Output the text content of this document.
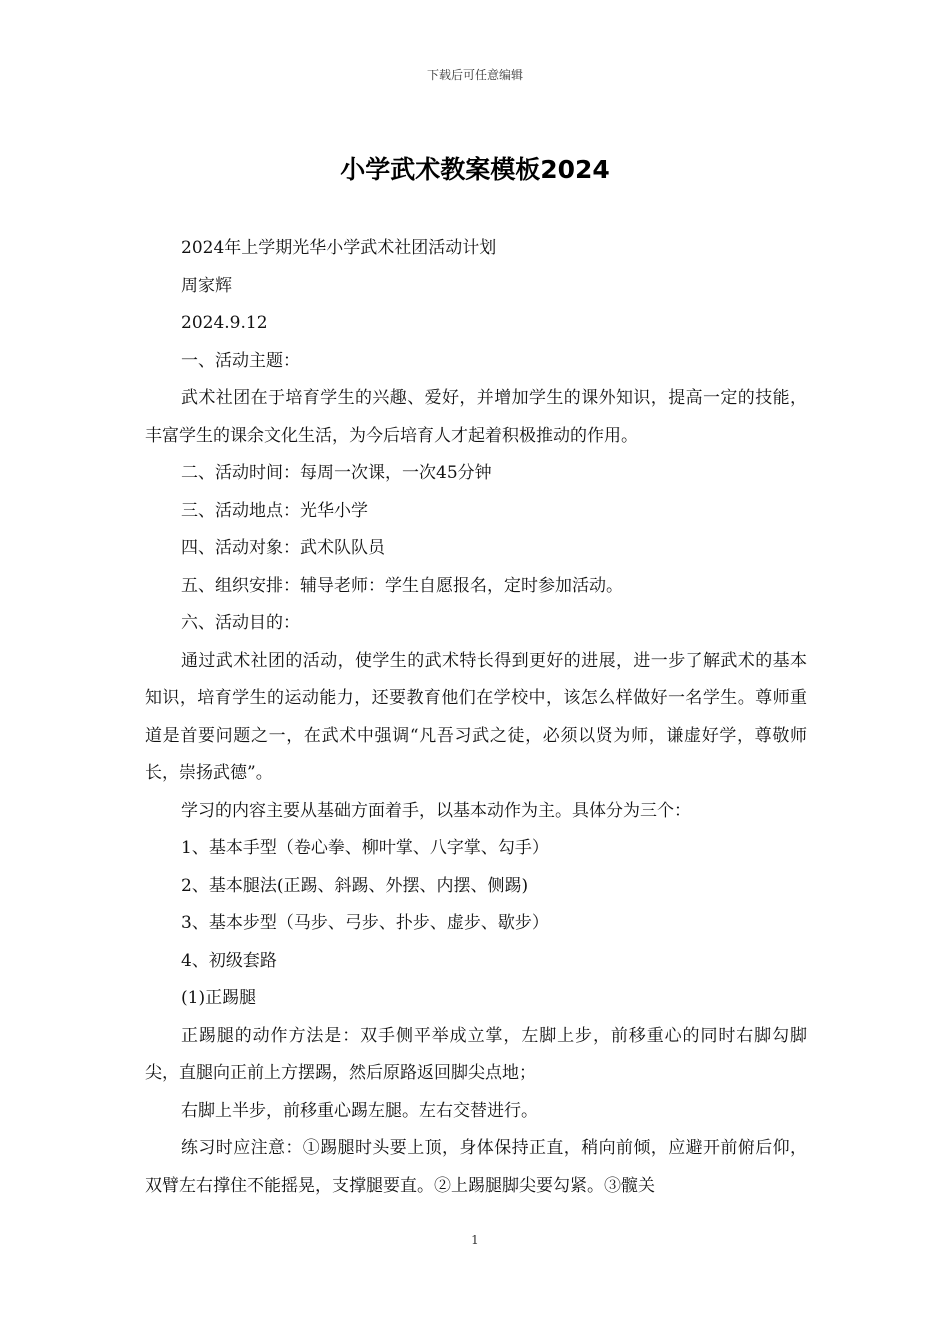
下载后可任意编辑
小学武术教案模板2024

2024年上学期光华小学武术社团活动计划

周家辉

2024.9.12

一、活动主题：

武术社团在于培育学生的兴趣、爱好，并增加学生的课外知识，提高一定的技能，丰富学生的课余文化生活，为今后培育人才起着积极推动的作用。

二、活动时间：每周一次课，一次45分钟

三、活动地点：光华小学

四、活动对象：武术队队员

五、组织安排：辅导老师：学生自愿报名，定时参加活动。

六、活动目的：

通过武术社团的活动，使学生的武术特长得到更好的进展，进一步了解武术的基本知识，培育学生的运动能力，还要教育他们在学校中，该怎么样做好一名学生。尊师重道是首要问题之一，在武术中强调“凡吾习武之徒，必须以贤为师，谦虚好学，尊敬师长，崇扬武德”。

学习的内容主要从基础方面着手，以基本动作为主。具体分为三个：

1、基本手型（卷心拳、柳叶掌、八字掌、勾手）

2、基本腿法(正踢、斜踢、外摆、内摆、侧踢)

3、基本步型（马步、弓步、扑步、虚步、歇步）

4、初级套路

(1)正踢腿

正踢腿的动作方法是：双手侧平举成立掌，左脚上步，前移重心的同时右脚勾脚尖，直腿向正前上方摆踢，然后原路返回脚尖点地；

右脚上半步，前移重心踢左腿。左右交替进行。

练习时应注意：①踢腿时头要上顶，身体保持正直，稍向前倾，应避开前俯后仰，双臂左右撑住不能摇晃，支撑腿要直。②上踢腿脚尖要勾紧。③髋关

1
